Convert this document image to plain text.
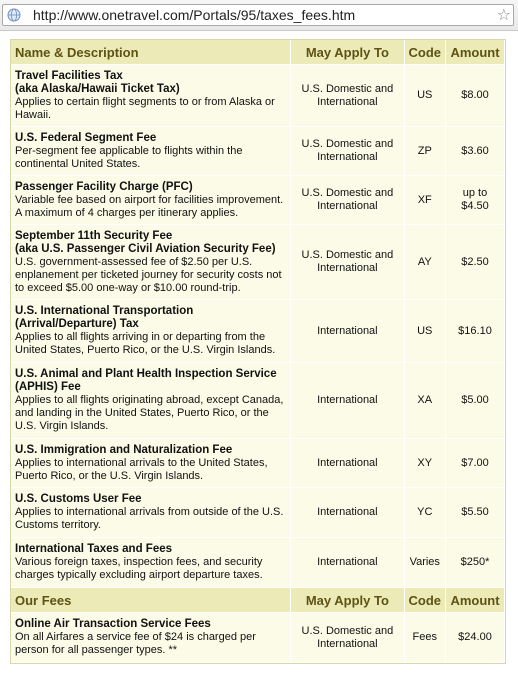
http://www.onetravel.com/Portals/95/taxes_fees.htm	☆
Name & Description	May Apply To	Code	Amount

Travel Facilities Tax
(aka Alaska/Hawaii Ticket Tax)
Applies to certain flight segments to or from Alaska or Hawaii.	U.S. Domestic and International	US	$8.00

U.S. Federal Segment Fee
Per-segment fee applicable to flights within the continental United States.	U.S. Domestic and International	ZP	$3.60

Passenger Facility Charge (PFC)
Variable fee based on airport for facilities improvement. A maximum of 4 charges per itinerary applies.	U.S. Domestic and International	XF	up to $4.50

September 11th Security Fee
(aka U.S. Passenger Civil Aviation Security Fee)
U.S. government-assessed fee of $2.50 per U.S. enplanement per ticketed journey for security costs not to exceed $5.00 one-way or $10.00 round-trip.	U.S. Domestic and International	AY	$2.50

U.S. International Transportation (Arrival/Departure) Tax
Applies to all flights arriving in or departing from the United States, Puerto Rico, or the U.S. Virgin Islands.	International	US	$16.10

U.S. Animal and Plant Health Inspection Service (APHIS) Fee
Applies to all flights originating abroad, except Canada, and landing in the United States, Puerto Rico, or the U.S. Virgin Islands.	International	XA	$5.00

U.S. Immigration and Naturalization Fee
Applies to international arrivals to the United States, Puerto Rico, or the U.S. Virgin Islands.	International	XY	$7.00

U.S. Customs User Fee
Applies to international arrivals from outside of the U.S. Customs territory.	International	YC	$5.50

International Taxes and Fees
Various foreign taxes, inspection fees, and security charges typically excluding airport departure taxes.	International	Varies	$250*
Our Fees	May Apply To	Code	Amount

Online Air Transaction Service Fees
On all Airfares a service fee of $24 is charged per person for all passenger types. **	U.S. Domestic and International	Fees	$24.00
